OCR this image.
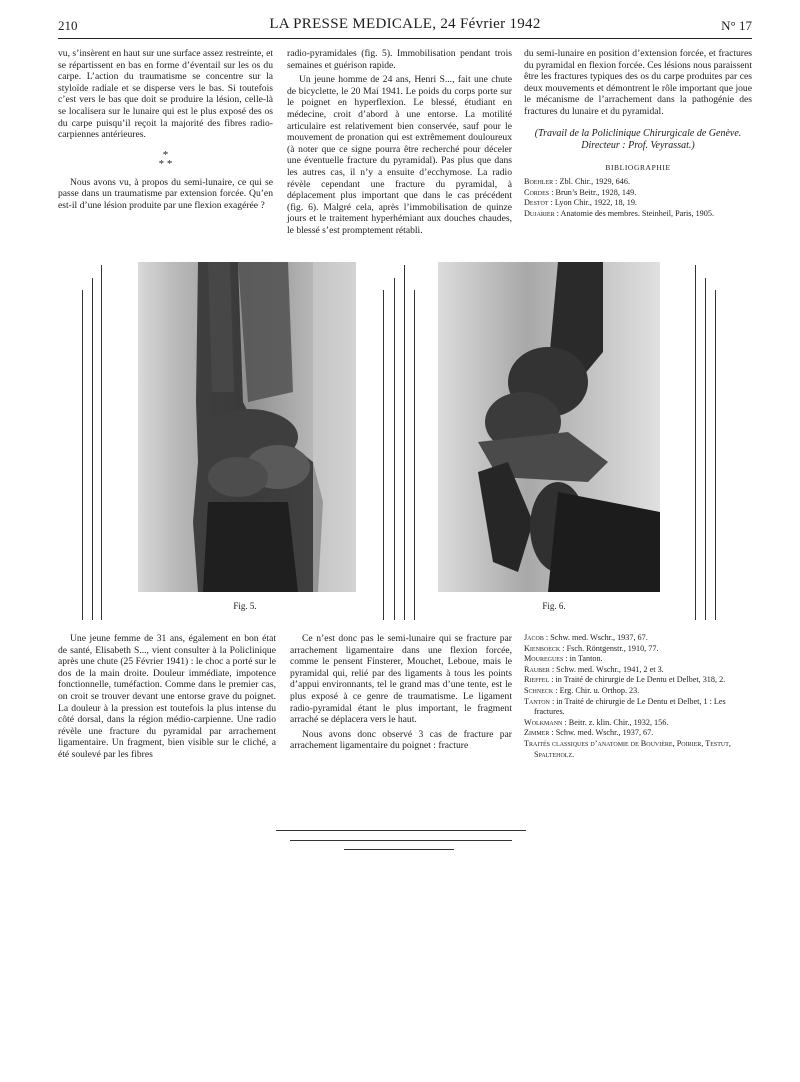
210	LA PRESSE MEDICALE, 24 Février 1942	N° 17

vu, s’insèrent en haut sur une surface assez restreinte, et se répartissent en bas en forme d’éventail sur les os du carpe. L’action du traumatisme se concentre sur la styloïde radiale et se disperse vers le bas. Si toutefois c’est vers le bas que doit se produire la lésion, celle-là se localisera sur le lunaire qui est le plus exposé des os du carpe puisqu’il reçoit la majorité des fibres radio-carpiennes antérieures.

*
* *

Nous avons vu, à propos du semi-lunaire, ce qui se passe dans un traumatisme par extension forcée. Qu’en est-il d’une lésion produite par une flexion exagérée ?

radio-pyramidales (fig. 5). Immobilisation pendant trois semaines et guérison rapide.

Un jeune homme de 24 ans, Henri S..., fait une chute de bicyclette, le 20 Mai 1941. Le poids du corps porte sur le poignet en hyperflexion. Le blessé, étudiant en médecine, croit d’abord à une entorse. La motilité articulaire est relativement bien conservée, sauf pour le mouvement de pronation qui est extrêmement douloureux (à noter que ce signe pourra être recherché pour déceler une éventuelle fracture du pyramidal). Pas plus que dans les autres cas, il n’y a ensuite d’ecchymose. La radio révèle cependant une fracture du pyramidal, à déplacement plus important que dans le cas précédent (fig. 6). Malgré cela, après l’immobilisation de quinze jours et le traitement hyperhémiant aux douches chaudes, le blessé s’est promptement rétabli.

du semi-lunaire en position d’extension forcée, et fractures du pyramidal en flexion forcée. Ces lésions nous paraissent être les fractures typiques des os du carpe produites par ces deux mouvements et démontrent le rôle important que joue le mécanisme de l’arrachement dans la pathogénie des fractures du lunaire et du pyramidal.

(Travail de la Policlinique Chirurgicale de Genève.
Directeur : Prof. Veyrassat.)
BIBLIOGRAPHIE
Boehler : Zbl. Chir., 1929, 646.
Cordes : Brun’s Beitr., 1928, 149.
Destot : Lyon Chir., 1922, 18, 19.
Dujarier : Anatomie des membres. Steinheil, Paris, 1905.
Fig. 5.	Fig. 6.

Une jeune femme de 31 ans, également en bon état de santé, Elisabeth S..., vient consulter à la Policlinique après une chute (25 Février 1941) : le choc a porté sur le dos de la main droite. Douleur immédiate, impotence fonctionnelle, tuméfaction. Comme dans le premier cas, on croit se trouver devant une entorse grave du poignet. La douleur à la pression est toutefois la plus intense du côté dorsal, dans la région médio-carpienne. Une radio révèle une fracture du pyramidal par arrachement ligamentaire. Un fragment, bien visible sur le cliché, a été soulevé par les fibres

Ce n’est donc pas le semi-lunaire qui se fracture par arrachement ligamentaire dans une flexion forcée, comme le pensent Finsterer, Mouchet, Leboue, mais le pyramidal qui, relié par des ligaments à tous les points d’appui environnants, tel le grand mas d’une tente, est le plus exposé à ce genre de traumatisme. Le ligament radio-pyramidal étant le plus important, le fragment arraché se déplacera vers le haut.

Nous avons donc observé 3 cas de fracture par arrachement ligamentaire du poignet : fracture

Jacob : Schw. med. Wschr., 1937, 67.
Kienboeck : Fsch. Röntgenstr., 1910, 77.
Mouregues : in Tanton.
Rauber : Schw. med. Wschr., 1941, 2 et 3.
Rieffel : in Traité de chirurgie de Le Dentu et Delbet, 318, 2.
Schneck : Erg. Chir. u. Orthop. 23.
Tanton : in Traité de chirurgie de Le Dentu et Delbet, 1 : Les fractures.
Wolkmann : Beitr. z. klin. Chir., 1932, 156.
Zimmer : Schw. med. Wschr., 1937, 67.
Traités classiques d’anatomie de Bouvière, Poirier, Testut, Spalteholz.
